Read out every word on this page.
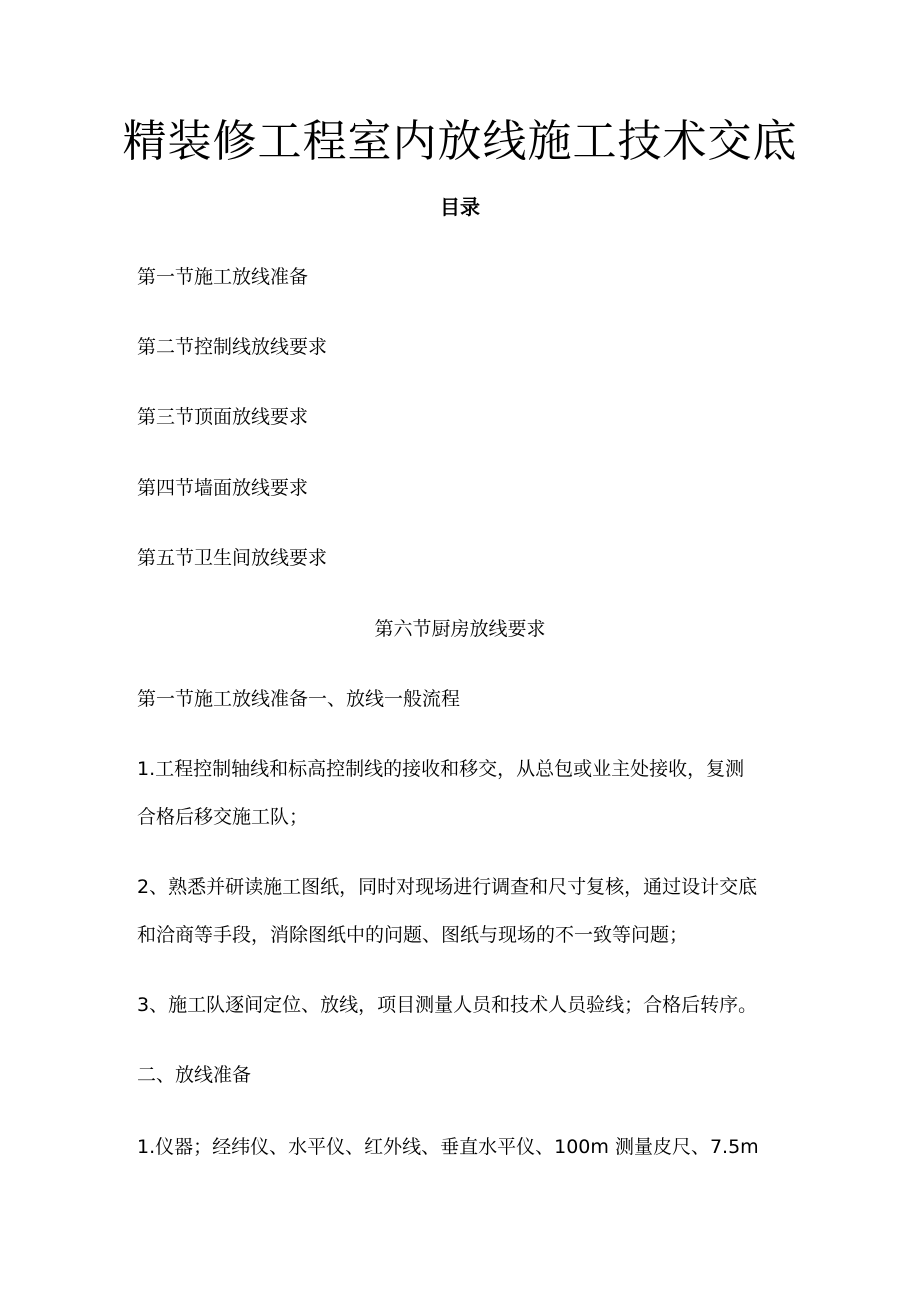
精装修工程室内放线施工技术交底
目录

第一节施工放线准备

第二节控制线放线要求

第三节顶面放线要求

第四节墙面放线要求

第五节卫生间放线要求

第六节厨房放线要求

第一节施工放线准备一、放线一般流程

1.工程控制轴线和标高控制线的接收和移交，从总包或业主处接收，复测

合格后移交施工队；

2、熟悉并研读施工图纸，同时对现场进行调查和尺寸复核，通过设计交底

和洽商等手段，消除图纸中的问题、图纸与现场的不一致等问题；

3、施工队逐间定位、放线，项目测量人员和技术人员验线；合格后转序。

二、放线准备

1.仪器；经纬仪、水平仪、红外线、垂直水平仪、100m 测量皮尺、7.5m
